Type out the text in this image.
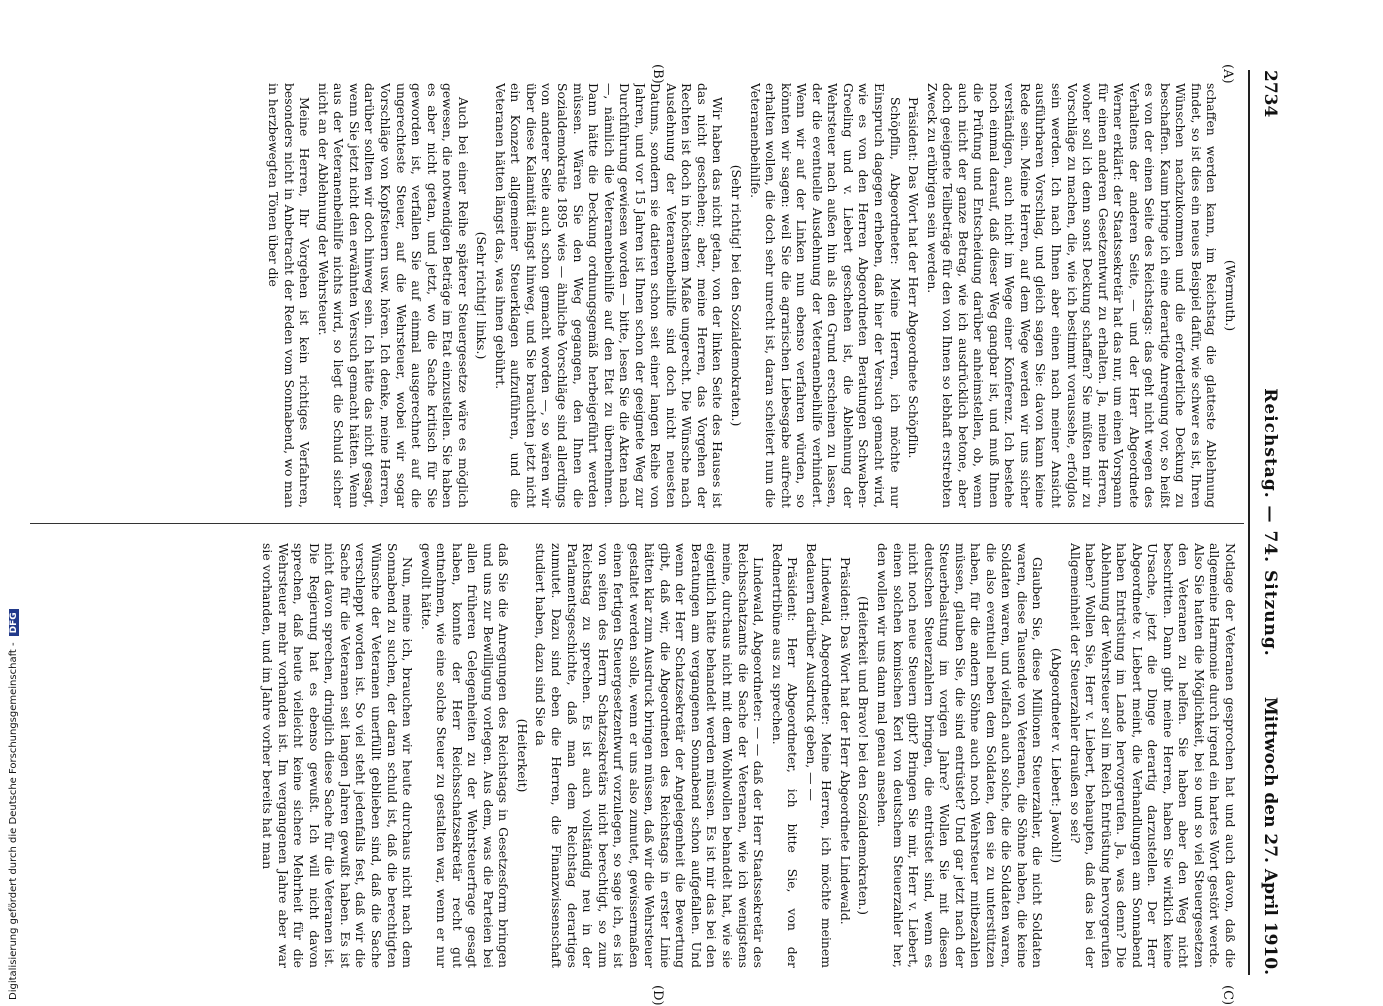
2734
Reichstag. — 74. Sitzung.
Mittwoch den 27. April 1910.
(A)
(B)
(C)
(D)

(Wermuth.)

schaffen werden kann, im Reichstag die glatteste Ablehnung findet, so ist dies ein neues Beispiel dafür, wie schwer es ist, Ihren Wünschen nachzukommen und die erforderliche Deckung zu beschaffen. Kaum bringe ich eine derartige Anregung vor, so heißt es von der einen Seite des Reichstags: das geht nicht wegen des Verhaltens der anderen Seite, — und der Herr Abgeordnete Werner erklärt: der Staatssekretär hat das nur, um einen Vorspann für einen anderen Gesetzentwurf zu erhalten. Ja, meine Herren, woher soll ich denn sonst Deckung schaffen? Sie müßten mir zu Vorschläge zu machen, die, wie ich bestimmt voraussehe, erfolglos sein werden. Ich nach Ihnen aber einen nach meiner Ansicht ausführbaren Vorschlag, und gleich sagen Sie: davon kann keine Rede sein. Meine Herren, auf dem Wege werden wir uns sicher verständigen, auch nicht im Wege einer Konferenz. Ich bestehe noch einmal darauf, daß dieser Weg gangbar ist, und muß Ihnen die Prüfung und Entscheidung darüber anheimstellen, ob, wenn auch nicht der ganze Betrag, wie ich ausdrücklich betone, aber doch geeignete Teilbeträge für den von Ihnen so lebhaft erstrebten Zweck zu erübrigen sein werden.

Präsident: Das Wort hat der Herr Abgeordnete Schöpflin.

Schöpflin, Abgeordneter: Meine Herren, ich möchte nur Einspruch dagegen erheben, daß hier der Versuch gemacht wird, wie es von den Herren Abgeordneten Beratungen Schwaben-Groeling und v. Liebert geschehen ist, die Ablehnung der Wehrsteuer nach außen hin als den Grund erscheinen zu lassen, der die eventuelle Ausdehnung der Veteranenbeihilfe verhindert. Wenn wir auf der Linken nun ebenso verfahren würden, so könnten wir sagen: weil Sie die agrarischen Liebesgabe aufrecht erhalten wollen, die doch sehr unrecht ist, daran scheitert nun die Veteranenbeihilfe.

(Sehr richtig! bei den Sozialdemokraten.)

Wir haben das nicht getan, von der linken Seite des Hauses ist das nicht geschehen; aber, meine Herren, das Vorgehen der Rechten ist doch in höchstem Maße ungerecht. Die Wünsche nach Ausdehnung der Veteranenbeihilfe sind doch nicht neuesten Datums, sondern sie datieren schon seit einer langen Reihe von Jahren, und vor 15 Jahren ist Ihnen schon der geeignete Weg zur Durchführung gewiesen worden — bitte, lesen Sie die Akten nach —, nämlich die Veteranenbeihilfe auf den Etat zu übernehmen. Dann hätte die Deckung ordnungsgemäß herbeigeführt werden müssen. Wären Sie den Weg gegangen, den Ihnen die Sozialdemokratie 1895 wies — ähnliche Vorschläge sind allerdings von anderer Seite auch schon gemacht worden —, so wären wir über diese Kalamität längst hinweg, und Sie brauchten jetzt nicht ein Konzert allgemeiner Steuerklagen aufzuführen, und die Veteranen hätten längst das, was ihnen gebührt.

(Sehr richtig! links.)

Auch bei einer Reihe späterer Steuergesetze wäre es möglich gewesen, die notwendigen Beträge im Etat einzustellen. Sie haben es aber nicht getan, und jetzt, wo die Sache kritisch für Sie geworden ist, verfallen Sie auf einmal ausgerechnet auf die ungerechteste Steuer, auf die Wehrsteuer, wobei wir sogar Vorschläge von Kopfsteuern usw. hören. Ich denke, meine Herren, darüber sollten wir doch hinweg sein. Ich hätte das nicht gesagt, wenn Sie jetzt nicht den erwähnten Versuch gemacht hätten. Wenn aus der Veteranenbeihilfe nichts wird, so liegt die Schuld sicher nicht an der Ablehnung der Wehrsteuer.

Meine Herren, Ihr Vorgehen ist kein richtiges Verfahren, besonders nicht in Anbetracht der Reden vom Sonnabend, wo man in herzbewegten Tönen über die

Notlage der Veteranen gesprochen hat und auch davon, daß die allgemeine Harmonie durch irgend ein hartes Wort gestört werde. Also Sie hatten die Möglichkeit, bei so und so viel Steuergesetzen den Veteranen zu helfen. Sie haben aber den Weg nicht beschritten. Dann gibt meine Herren, haben Sie wirklich keine Ursache, jetzt die Dinge derartig darzustellen. Der Herr Abgeordnete v. Liebert meint, die Verhandlungen am Sonnabend haben Entrüstung im Lande hervorgerufen. Ja, was denn? Die Ablehnung der Wehrsteuer soll im Reich Entrüstung hervorgerufen haben? Wollen Sie, Herr v. Liebert, behaupten, daß das bei der Allgemeinheit der Steuerzahler draußen so sei?

(Abgeordneter v. Liebert: Jawohl!)

Glauben Sie, diese Millionen Steuerzahler, die nicht Soldaten waren, diese Tausende von Veteranen, die Söhne haben, die keine Soldaten waren, und vielfach auch solche, die die Soldaten waren, die also eventuell neben dem Soldaten, den sie zu unterstützen haben, für die andern Söhne auch noch Wehrsteuer mitbezahlen müssen, glauben Sie, die sind entrüstet? Und gar jetzt nach der Steuerbelastung im vorigen Jahre? Wollen Sie mit diesen deutschen Steuerzahlern bringen, die entrüstet sind, wenn es nicht noch neue Steuern gibt? Bringen Sie mir, Herr v. Liebert, einen solchen komischen Kerl von deutschem Steuerzahler her, den wollen wir uns dann mal genau ansehen.

(Heiterkeit und Bravo! bei den Sozialdemokraten.)

Präsident: Das Wort hat der Herr Abgeordnete Lindewald.

Lindewald, Abgeordneter: Meine Herren, ich möchte meinem Bedauern darüber Ausdruck geben, — —

Präsident: Herr Abgeordneter, ich bitte Sie, von der Rednertribüne aus zu sprechen.

Lindewald, Abgeordneter: — — daß der Herr Staatssekretär des Reichsschatzamts die Sache der Veteranen, wie ich wenigstens meine, durchaus nicht mit dem Wohlwollen behandelt hat, wie sie eigentlich hätte behandelt werden müssen. Es ist mir das bei den Beratungen am vergangenen Sonnabend schon aufgefallen. Und wenn der Herr Schatzsekretär der Angelegenheit die Bewertung gibt, daß wir, die Abgeordneten des Reichstags in erster Linie hätten klar zum Ausdruck bringen müssen, daß wir die Wehrsteuer gestaltet werden solle, wenn er uns also zumutet, gewissermaßen einen fertigen Steuergesetzentwurf vorzulegen, so sage ich, es ist von seiten des Herrn Schatzsekretärs nicht berechtigt, so zum Reichstag zu sprechen. Es ist auch vollständig neu in der Parlamentsgeschichte, daß man dem Reichstag derartiges zumutet. Dazu sind eben die Herren, die Finanzwissenschaft studiert haben, dazu sind Sie da

(Heiterkeit)

daß Sie die Anregungen des Reichstags in Gesetzesform bringen und uns zur Bewilligung vorlegen. Aus dem, was die Parteien bei allen früheren Gelegenheiten zu der Wehrsteuerfrage gesagt haben, konnte der Herr Reichsschatzsekretär recht gut entnehmen, wie eine solche Steuer zu gestalten war, wenn er nur gewollt hätte.

Nun, meine ich, brauchen wir heute durchaus nicht nach dem Sonnabend zu suchen, der daran schuld ist, daß die berechtigten Wünsche der Veteranen unerfüllt geblieben sind, daß die Sache verschleppt worden ist. So viel steht jedenfalls fest, daß wir die Sache für die Veteranen seit langen Jahren gewußt haben. Es ist nicht davon sprechen, dringlich diese Sache für die Veteranen ist. Die Regierung hat es ebenso gewußt. Ich will nicht davon sprechen, daß heute vielleicht keine sichere Mehrheit für die Wehrsteuer mehr vorhanden ist. Im vergangenen Jahre aber war sie vorhanden, und im Jahre vorher bereits hat man

Digitalisierung gefördert durch die Deutsche Forschungsgemeinschaft -DFG
